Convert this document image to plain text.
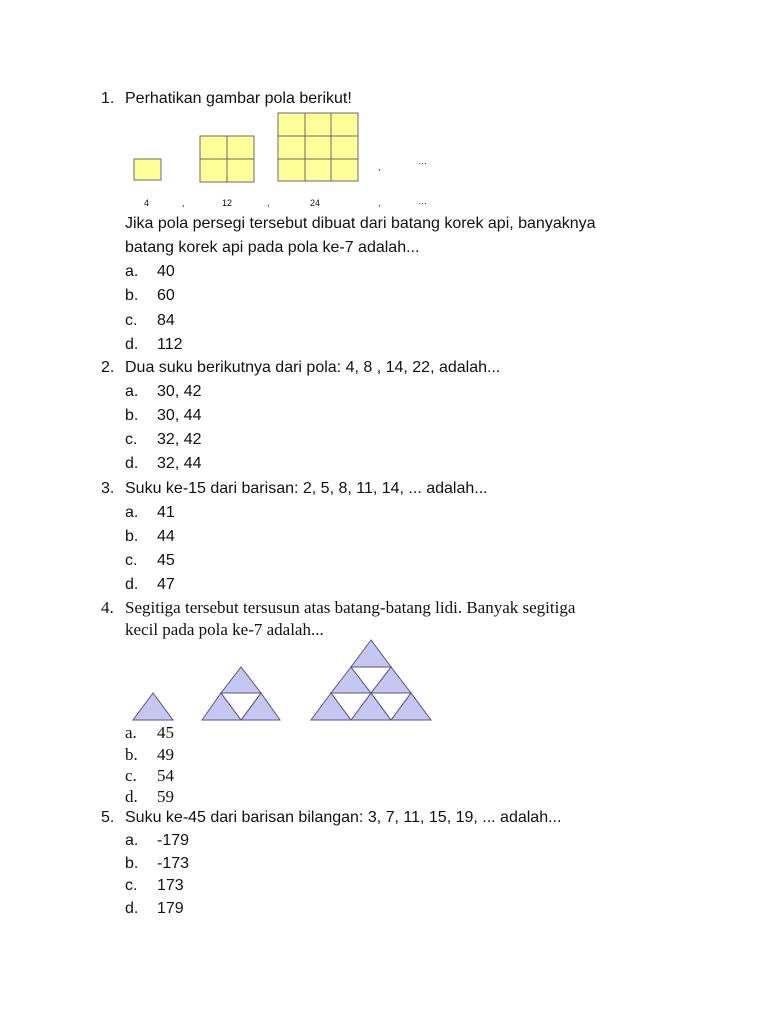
1. Perhatikan gambar pola berikut!
,
…
4	,	12	,	24	,	…
Jika pola persegi tersebut dibuat dari batang korek api, banyaknya
batang korek api pada pola ke-7 adalah...
a. 40
b. 60
c. 84
d. 112
2. Dua suku berikutnya dari pola: 4, 8 , 14, 22, adalah...
a. 30, 42
b. 30, 44
c. 32, 42
d. 32, 44
3. Suku ke-15 dari barisan: 2, 5, 8, 11, 14, ... adalah...
a. 41
b. 44
c. 45
d. 47
4. Segitiga tersebut tersusun atas batang-batang lidi. Banyak segitiga
kecil pada pola ke-7 adalah...
a. 45
b. 49
c. 54
d. 59
5. Suku ke-45 dari barisan bilangan: 3, 7, 11, 15, 19, ... adalah...
a. -179
b. -173
c. 173
d. 179
